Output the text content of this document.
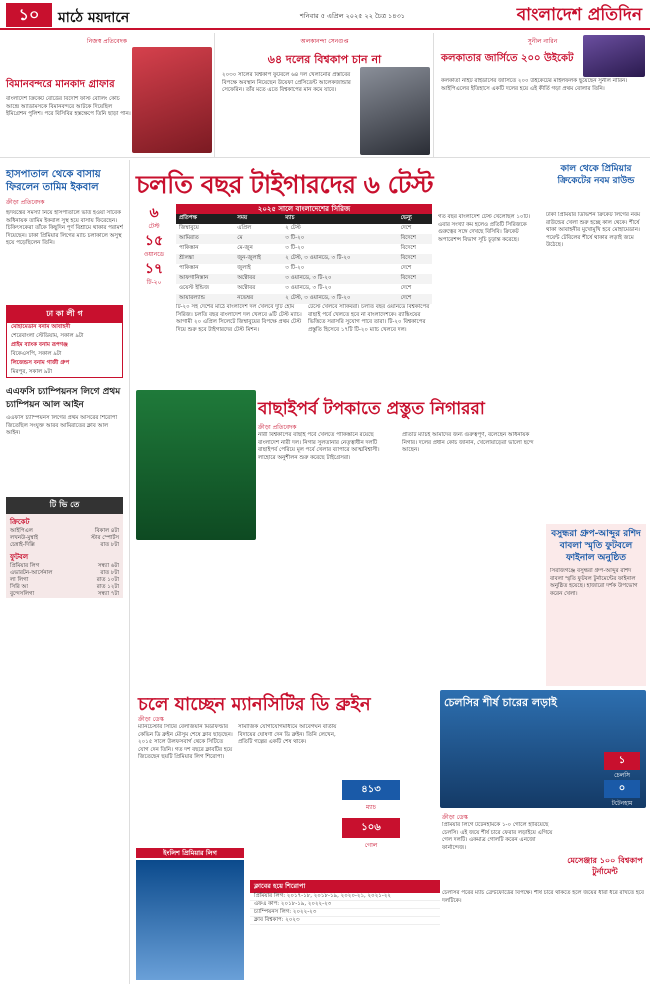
১০	মাঠে ময়দানে	শনিবার ৫ এপ্রিল ২০২৫ ২২ চৈত্র ১৪৩১	বাংলাদেশ প্রতিদিন
নিজস্ব প্রতিবেদক
বিমানবন্দরে মানকাদ গ্রাফার
বাংলাদেশ ক্রিকেট বোর্ডের বিদেশি ফাস্ট বোলিং কোচ আন্দ্রে অ্যাডামসকে বিমানবন্দরে আটকে দিয়েছিল ইমিগ্রেশন পুলিশ। পরে বিসিবির হস্তক্ষেপে তিনি ছাড়া পান।
অলকানন্দা সেনগুপ্ত
৬৪ দলের বিশ্বকাপ চান না
২০৩০ সালের বিশ্বকাপ ফুটবলে ৬৪ দল খেলানোর প্রস্তাবের বিপক্ষে অবস্থান নিয়েছেন উয়েফা প্রেসিডেন্ট আলেকজান্ডার সেফেরিন। তাঁর মতে এতে বিশ্বকাপের মান কমে যাবে।
সুনীল নারিন
কলকাতার জার্সিতে ২০০ উইকেট
কলকাতা নাইট রাইডার্সের জার্সিতে ২০০ উইকেটের মাইলফলক ছুঁয়েছেন সুনীল নারিন। আইপিএলের ইতিহাসে একটি দলের হয়ে এই কীর্তি গড়া প্রথম বোলার তিনি।
হাসপাতাল থেকে বাসায় ফিরলেন তামিম ইকবাল
ক্রীড়া প্রতিবেদক
হৃদযন্ত্রের সমস্যা নিয়ে হাসপাতালে ভর্তি হওয়া সাবেক অধিনায়ক তামিম ইকবাল সুস্থ হয়ে বাসায় ফিরেছেন। চিকিৎসকেরা তাঁকে কিছুদিন পূর্ণ বিশ্রামে থাকার পরামর্শ দিয়েছেন। ঢাকা প্রিমিয়ার লিগের ম্যাচ চলাকালে অসুস্থ হয়ে পড়েছিলেন তিনি।
ঢা কা লী গ
মোহামেডান বনাম আবাহনী
শেরেবাংলা স্টেডিয়াম, সকাল ৯টা
প্রাইম ব্যাংক বনাম রূপগঞ্জ
বিকেএসপি, সকাল ৯টা
লিজেন্ডস বনাম গাজী গ্রুপ
মিরপুর, সকাল ৯টা
এএফসি চ্যাম্পিয়নস লিগে প্রথম চ্যাম্পিয়ন আল আইন
এএফসি চ্যাম্পিয়নস লিগের প্রথম আসরের শিরোপা জিতেছিল সংযুক্ত আরব আমিরাতের ক্লাব আল আইন।
টি ভি তে
ক্রিকেট
আইপিএল	বিকাল ৪টা
লখনউ-মুম্বাই	স্টার স্পোর্টস
চেন্নাই-দিল্লি	রাত ৮টা
ফুটবল
প্রিমিয়ার লিগ	সন্ধ্যা ৬টা
এভারটন-আর্সেনাল	রাত ৮টা
লা লিগা	রাত ১০টা
সিরি আ	রাত ১২টা
বুন্দেসলিগা	সন্ধ্যা ৭টা
চলতি বছর টাইগারদের ৬ টেস্ট
কাল থেকে প্রিমিয়ার ক্রিকেটের নবম রাউন্ড
৬
টেস্ট
১৫
ওয়ানডে
১৭
টি-২০
২০২৫ সালে বাংলাদেশের সিরিজ
প্রতিপক্ষ	সময়	ম্যাচ	ভেন্যু
জিম্বাবুয়ে	এপ্রিল	২ টেস্ট	দেশে
আমিরাত	মে	৩ টি-২০	বিদেশে
পাকিস্তান	মে-জুন	৩ টি-২০	বিদেশে
শ্রীলঙ্কা	জুন-জুলাই	২ টেস্ট, ৩ ওয়ানডে, ৩ টি-২০	বিদেশে
পাকিস্তান	জুলাই	৩ টি-২০	দেশে
আফগানিস্তান	অক্টোবর	৩ ওয়ানডে, ৩ টি-২০	বিদেশে
ওয়েস্ট ইন্ডিজ	অক্টোবর	৩ ওয়ানডে, ৩ টি-২০	দেশে
আয়ারল্যান্ড	নভেম্বর	২ টেস্ট, ৩ ওয়ানডে, ৩ টি-২০	দেশে
টি-২০ সহ দেশের মাঠে বাংলাদেশ দল খেলবে দুটি হোম সিরিজ। চলতি বছর বাংলাদেশ দল খেলবে ৬টি টেস্ট ম্যাচ। আগামী ২০ এপ্রিল সিলেটে জিম্বাবুয়ের বিপক্ষে প্রথম টেস্ট দিয়ে শুরু হবে টাইগারদের টেস্ট মিশন।
টেস্টে খেলবে সাকিবরা। চলতি বছর ওয়ানডে বিশ্বকাপের বাছাই পর্বে খেলতে হবে না বাংলাদেশকে। র‌্যাঙ্কিংয়ের ভিত্তিতে সরাসরি সুযোগ পাবে তারা। টি-২০ বিশ্বকাপের প্রস্তুতি হিসেবে ১৭টি টি-২০ ম্যাচ খেলবে দল।
গত বছর বাংলাদেশ টেস্ট খেলেছিল ১০টি। এবার সংখ্যা কম হলেও প্রতিটি সিরিজকে গুরুত্বের সঙ্গে দেখছে বিসিবি। ক্রিকেট অপারেশন্স বিভাগ সূচি চূড়ান্ত করেছে।
ঢাকা প্রিমিয়ার ডিভিশন ক্রিকেট লিগের নবম রাউন্ডের খেলা শুরু হচ্ছে কাল থেকে। শীর্ষে থাকা আবাহনীর মুখোমুখি হবে মোহামেডান। পয়েন্ট টেবিলের শীর্ষে থাকার লড়াই জমে উঠেছে।
বাছাইপর্ব টপকাতে প্রস্তুত নিগাররা
ক্রীড়া প্রতিবেদক
নারী বিশ্বকাপের বাছাই পর্বে খেলতে পাকিস্তানে রয়েছে বাংলাদেশ নারী দল। নিগার সুলতানার নেতৃত্বাধীন দলটি বাছাইপর্ব পেরিয়ে মূল পর্বে খেলার ব্যাপারে আত্মবিশ্বাসী। লাহোরে অনুশীলন শুরু করেছে টাইগ্রেসরা।
প্রতিটি ম্যাচই আমাদের জন্য গুরুত্বপূর্ণ, বলেছেন অধিনায়ক নিগার। দলের প্রধান কোচ জানান, খেলোয়াড়েরা ভালো ছন্দে আছেন।
বসুন্ধরা গ্রুপ-আব্দুর রশিদ বাবলা স্মৃতি ফুটবলে ফাইনাল অনুষ্ঠিত
সিরাজগঞ্জে বসুন্ধরা গ্রুপ-আব্দুর রশিদ বাবলা স্মৃতি ফুটবল টুর্নামেন্টের ফাইনাল অনুষ্ঠিত হয়েছে। হাজারো দর্শক উপভোগ করেন খেলা।
চলে যাচ্ছেন ম্যানসিটির ডি ব্রুইন
ক্রীড়া ডেস্ক
ম্যানচেস্টার সিটির বেলজিয়ান মিডফিল্ডার কেভিন ডি ব্রুইন মৌসুম শেষে ক্লাব ছাড়ছেন। ২০১৫ সালে উলফসবার্গ থেকে সিটিতে যোগ দেন তিনি। গত দশ বছরে ক্লাবটির হয়ে জিতেছেন ছয়টি প্রিমিয়ার লিগ শিরোপা।
সামাজিক যোগাযোগমাধ্যমে আবেগঘন বার্তায় বিদায়ের ঘোষণা দেন ডি ব্রুইন। তিনি লেখেন, প্রতিটি গল্পের একটি শেষ থাকে।
৪১৩
ম্যাচ
১০৬
গোল
ইংলিশ প্রিমিয়ার লিগ
ক্লাবের হয়ে শিরোপা
প্রিমিয়ার লিগ: ২০১৭-১৮, ২০১৮-১৯, ২০২০-২১, ২০২১-২২
এফএ কাপ: ২০১৮-১৯, ২০২২-২৩
চ্যাম্পিয়নস লিগ: ২০২২-২৩
ক্লাব বিশ্বকাপ: ২০২৩
চেলসির শীর্ষ চারের লড়াই
১
চেলসি
০
টটেনহাম
ক্রীড়া ডেস্ক
প্রিমিয়ার লিগে টটেনহামকে ১-০ গোলে হারিয়েছে চেলসি। এই জয়ে শীর্ষ চারে ফেরার লড়াইয়ে এগিয়ে গেল দলটি। একমাত্র গোলটি করেন এনজো ফার্নান্দেজ।
মেসেঞ্জার ১০০ বিশ্বকাপ টুর্নামেন্ট
চেলসির পরের ম্যাচ ব্রেন্টফোর্ডের বিপক্ষে। শীর্ষ চারে থাকতে হলে জয়ের ধারা ধরে রাখতে হবে দলটিকে।
